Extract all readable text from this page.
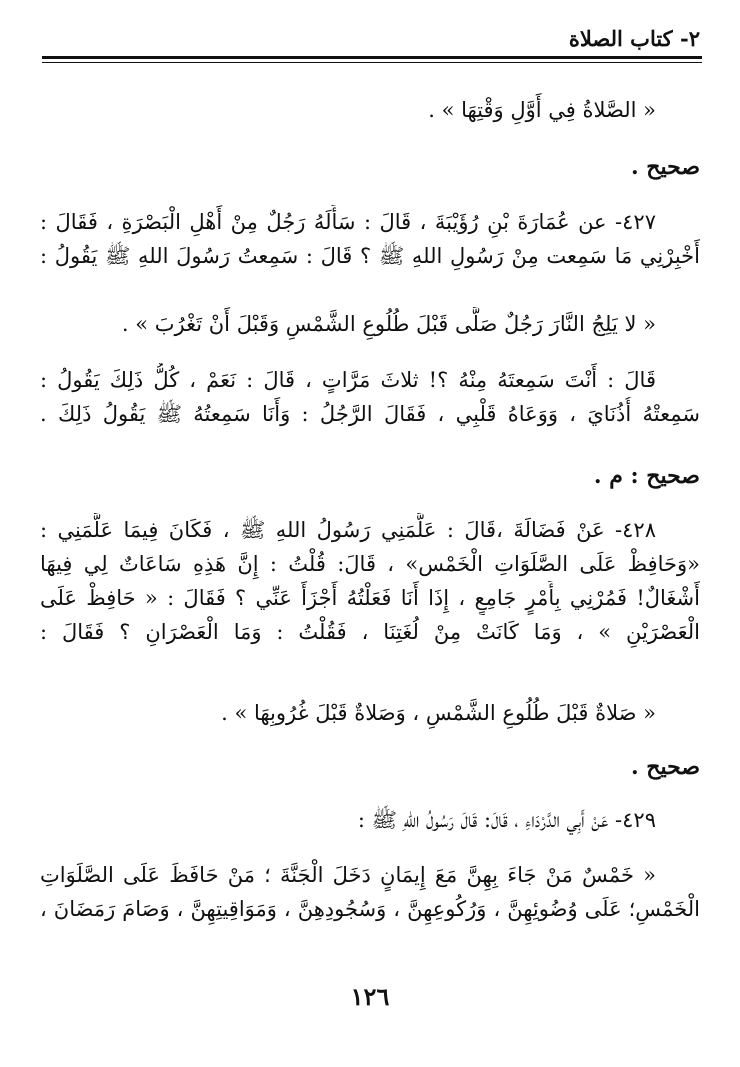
٢- كتاب الصلاة
« الصَّلاةُ فِي أَوَّلِ وَقْتِهَا » .
صحيح .
٤٢٧- عن عُمَارَةَ بْنِ رُؤَيْبَةَ ، قَالَ : سَأَلَهُ رَجُلٌ مِنْ أَهْلِ الْبَصْرَةِ ، فَقَالَ :
أَخْبِرْنِي مَا سَمِعت مِنْ رَسُولِ اللهِ ﷺ ؟ قَالَ : سَمِعتُ رَسُولَ اللهِ ﷺ يَقُولُ :
« لا يَلِجُ النَّارَ رَجُلٌ صَلَّى قَبْلَ طُلُوعِ الشَّمْسِ وَقَبْلَ أَنْ تَغْرُبَ » .
قَالَ : أَنْتَ سَمِعتَهُ مِنْهُ ؟! ثلاثَ مَرَّاتٍ ، قَالَ : نَعَمْ ، كُلُّ ذَلِكَ يَقُولُ :
سَمِعتْهُ أُذُنَايَ ، وَوَعَاهُ قَلْبِي ، فَقَالَ الرَّجُلُ : وَأَنَا سَمِعتُهُ ﷺ يَقُولُ ذَلِكَ .
صحيح : م .
٤٢٨- عَنْ فَضَالَةَ ،قَالَ : عَلَّمَنِي رَسُولُ اللهِ ﷺ ، فَكَانَ فِيمَا عَلَّمَنِي :
«وَحَافِظْ عَلَى الصَّلَوَاتِ الْخَمْس» ، قَالَ: قُلْتُ : إِنَّ هَذِهِ سَاعَاتٌ لِي فِيهَا
أَشْغَالٌ! فَمُرْنِي بِأَمْرٍ جَامِعٍ ، إِذَا أَنَا فَعَلْتُهُ أَجْزَأَ عَنِّي ؟ فَقَالَ : « حَافِظْ عَلَى
الْعَصْرَيْنِ » ، وَمَا كَانَتْ مِنْ لُغَتِنَا ، فَقُلْتُ : وَمَا الْعَصْرَانِ ؟ فَقَالَ :
« صَلاةٌ قَبْلَ طُلُوعِ الشَّمْسِ ، وَصَلاةٌ قَبْلَ غُرُوبِهَا » .
صحيح .
٤٢٩- عَنْ أَبِي الدَّرْدَاءِ ، قَالَ: قَالَ رَسُولُ اللهِ ﷺ :
« خَمْسٌ مَنْ جَاءَ بِهِنَّ مَعَ إِيمَانٍ دَخَلَ الْجَنَّةَ ؛ مَنْ حَافَظَ عَلَى الصَّلَوَاتِ
الْخَمْسِ؛ عَلَى وُضُوئِهِنَّ ، وَرُكُوعِهِنَّ ، وَسُجُودِهِنَّ ، وَمَوَاقِيتِهِنَّ ، وَصَامَ رَمَضَانَ ،
١٢٦
